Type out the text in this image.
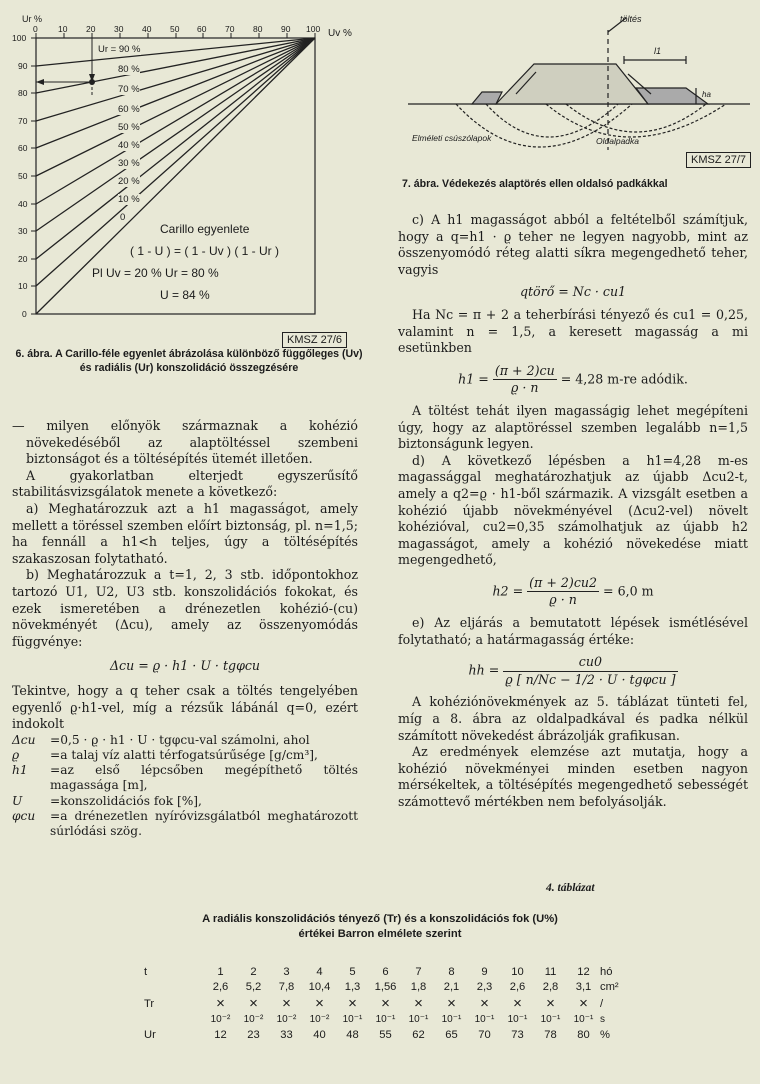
Ur %
Uv %
0 10 20 30 40 50 60 70 80 90 100
100
90
80
70
60
50
40
30
20
10
0
Ur = 90 %
80 %
70 %
60 %
50 %
40 %
30 %
20 %
10 %
0
Carillo egyenlete
( 1 - U ) = ( 1 - Uv ) ( 1 - Ur )
Pl Uv = 20 % Ur = 80 %
U = 84 %
KMSZ 27/6
6. ábra. A Carillo-féle egyenlet ábrázolása különböző függőleges (Uv) és radiális (Ur) konszolidáció összegzésére
töltés
l1
ha
Elméleti csúszólapok	Oldalpadka
KMSZ 27/7
7. ábra. Védekezés alaptörés ellen oldalsó padkákkal

— milyen előnyök származnak a kohézió növekedéséből az alaptöltéssel szembeni biztonságot és a töltésépítés ütemét illetően.

A gyakorlatban elterjedt egyszerűsítő stabilitásvizsgálatok menete a következő:

a) Meghatározzuk azt a h1 magasságot, amely mellett a töréssel szemben előírt biztonság, pl. n=1,5; ha fennáll a h1<h teljes, úgy a töltésépítés szakaszosan folytatható.

b) Meghatározzuk a t=1, 2, 3 stb. időpontokhoz tartozó U1, U2, U3 stb. konszolidációs fokokat, és ezek ismeretében a drénezetlen kohézió-(cu) növekményét (Δcu), amely az összenyomódás függvénye:

Δcu = ϱ · h1 · U · tgφcu

Tekintve, hogy a q teher csak a töltés tengelyében egyenlő ϱ·h1-vel, míg a rézsűk lábánál q=0, ezért indokolt

Δcu	=0,5 · ϱ · h1 · U · tgφcu-val számolni, ahol
ϱ	=a talaj víz alatti térfogatsúrűsége [g/cm³],
h1	=az első lépcsőben megépíthető töltés magassága [m],
U	=konszolidációs fok [%],
φcu	=a drénezetlen nyíróvizsgálatból meghatározott súrlódási szög.

c) A h1 magasságot abból a feltételből számítjuk, hogy a q=h1 · ϱ teher ne legyen nagyobb, mint az összenyomódó réteg alatti síkra megengedhető teher, vagyis

qtörő = Nc · cu1

Ha Nc = π + 2 a teherbírási tényező és cu1 = 0,25, valamint n = 1,5, a keresett magasság a mi esetünkben

$h1 = \frac{(\pi + 2)cu}{ϱ \cdot n} = 4,28$ m-re adódik.

A töltést tehát ilyen magasságig lehet megépíteni úgy, hogy az alaptöréssel szemben legalább n=1,5 biztonságunk legyen.

d) A következő lépésben a h1=4,28 m-es magassággal meghatározhatjuk az újabb Δcu2-t, amely a q2=ϱ · h1-ből származik. A vizsgált esetben a kohézió újabb növekményével (Δcu2-vel) növelt kohézióval, cu2=0,35 számolhatjuk az újabb h2 magasságot, amely a kohézió növekedése miatt megengedhető,

$h2 = \frac{(\pi + 2)cu2}{ϱ \cdot n} = 6,0$ m

e) Az eljárás a bemutatott lépések ismétlésével folytatható; a határmagasság értéke:

hh = $\frac{cu0}{\text{ϱ [ n/Nc − 1/2 · U · tgφcu ]}}$

A kohéziónövekmények az 5. táblázat tünteti fel, míg a 8. ábra az oldalpadkával és padka nélkül számított növekedést ábrázolják grafikusan.

Az eredmények elemzése azt mutatja, hogy a kohézió növekményei minden esetben nagyon mérsékeltek, a töltésépítés megengedhető sebességét számottevő mértékben nem befolyásolják.

4. táblázat
A radiális konszolidációs tényező (Tr) és a konszolidációs fok (U%)
értékei Barron elmélete szerint
t	1	2	3	4	5	6	7	8	9	10	11	12	hó
	2,6	5,2	7,8	10,4	1,3	1,56	1,8	2,1	2,3	2,6	2,8	3,1	cm²
Tr	×	×	×	×	×	×	×	×	×	×	×	×	/
	10⁻²	10⁻²	10⁻²	10⁻²	10⁻¹	10⁻¹	10⁻¹	10⁻¹	10⁻¹	10⁻¹	10⁻¹	10⁻¹	s
Ur	12	23	33	40	48	55	62	65	70	73	78	80	%
